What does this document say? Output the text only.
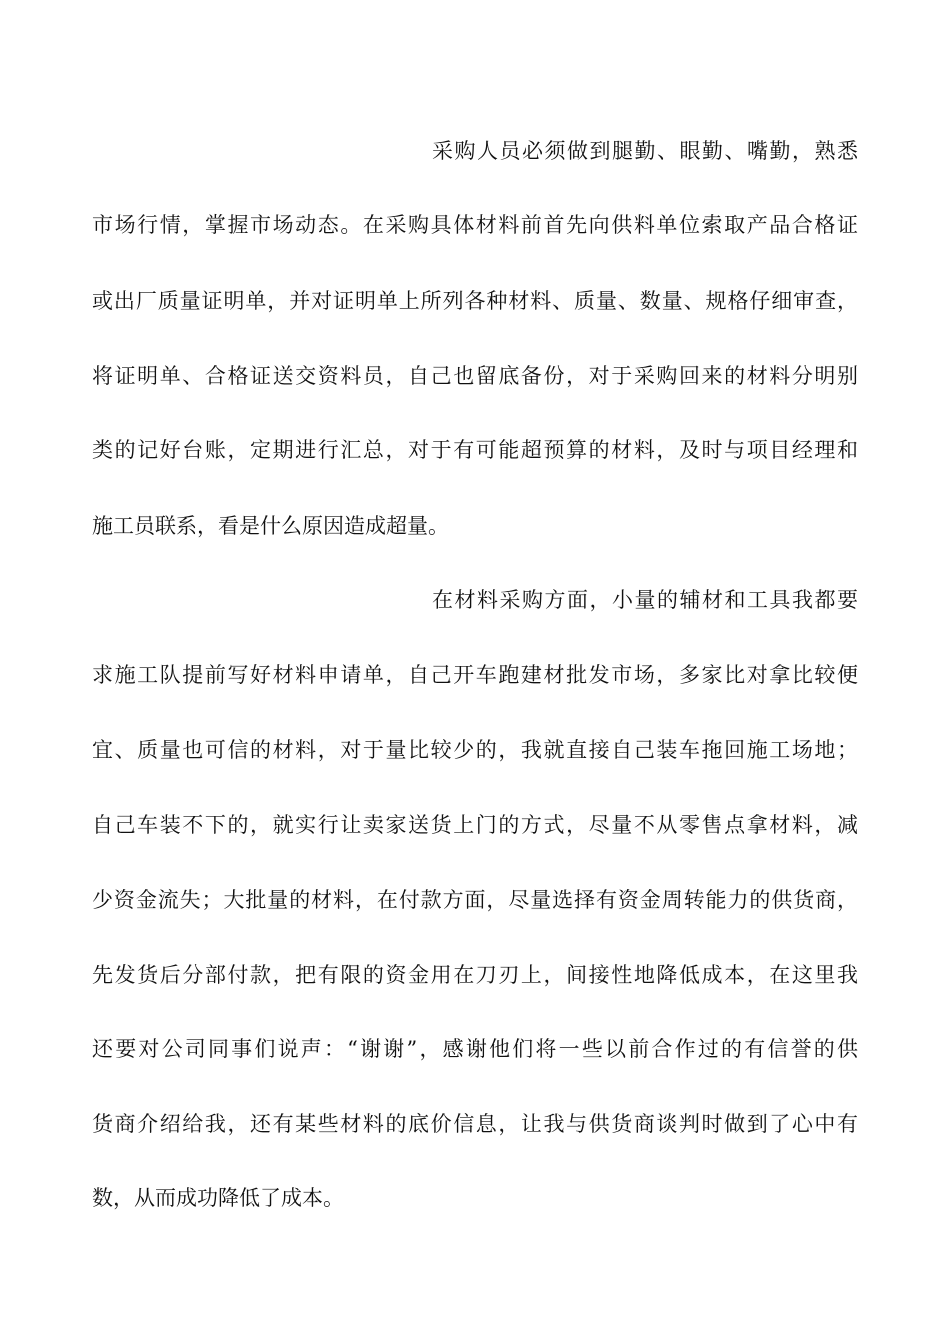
采购人员必须做到腿勤、眼勤、嘴勤，熟悉
市场行情，掌握市场动态。在采购具体材料前首先向供料单位索取产品合格证
或出厂质量证明单，并对证明单上所列各种材料、质量、数量、规格仔细审查，
将证明单、合格证送交资料员，自己也留底备份，对于采购回来的材料分明别
类的记好台账，定期进行汇总，对于有可能超预算的材料，及时与项目经理和
施工员联系，看是什么原因造成超量。
在材料采购方面，小量的辅材和工具我都要
求施工队提前写好材料申请单，自己开车跑建材批发市场，多家比对拿比较便
宜、质量也可信的材料，对于量比较少的，我就直接自己装车拖回施工场地；
自己车装不下的，就实行让卖家送货上门的方式，尽量不从零售点拿材料，减
少资金流失；大批量的材料，在付款方面，尽量选择有资金周转能力的供货商，
先发货后分部付款，把有限的资金用在刀刃上，间接性地降低成本，在这里我
还要对公司同事们说声：“谢谢”，感谢他们将一些以前合作过的有信誉的供
货商介绍给我，还有某些材料的底价信息，让我与供货商谈判时做到了心中有
数，从而成功降低了成本。
